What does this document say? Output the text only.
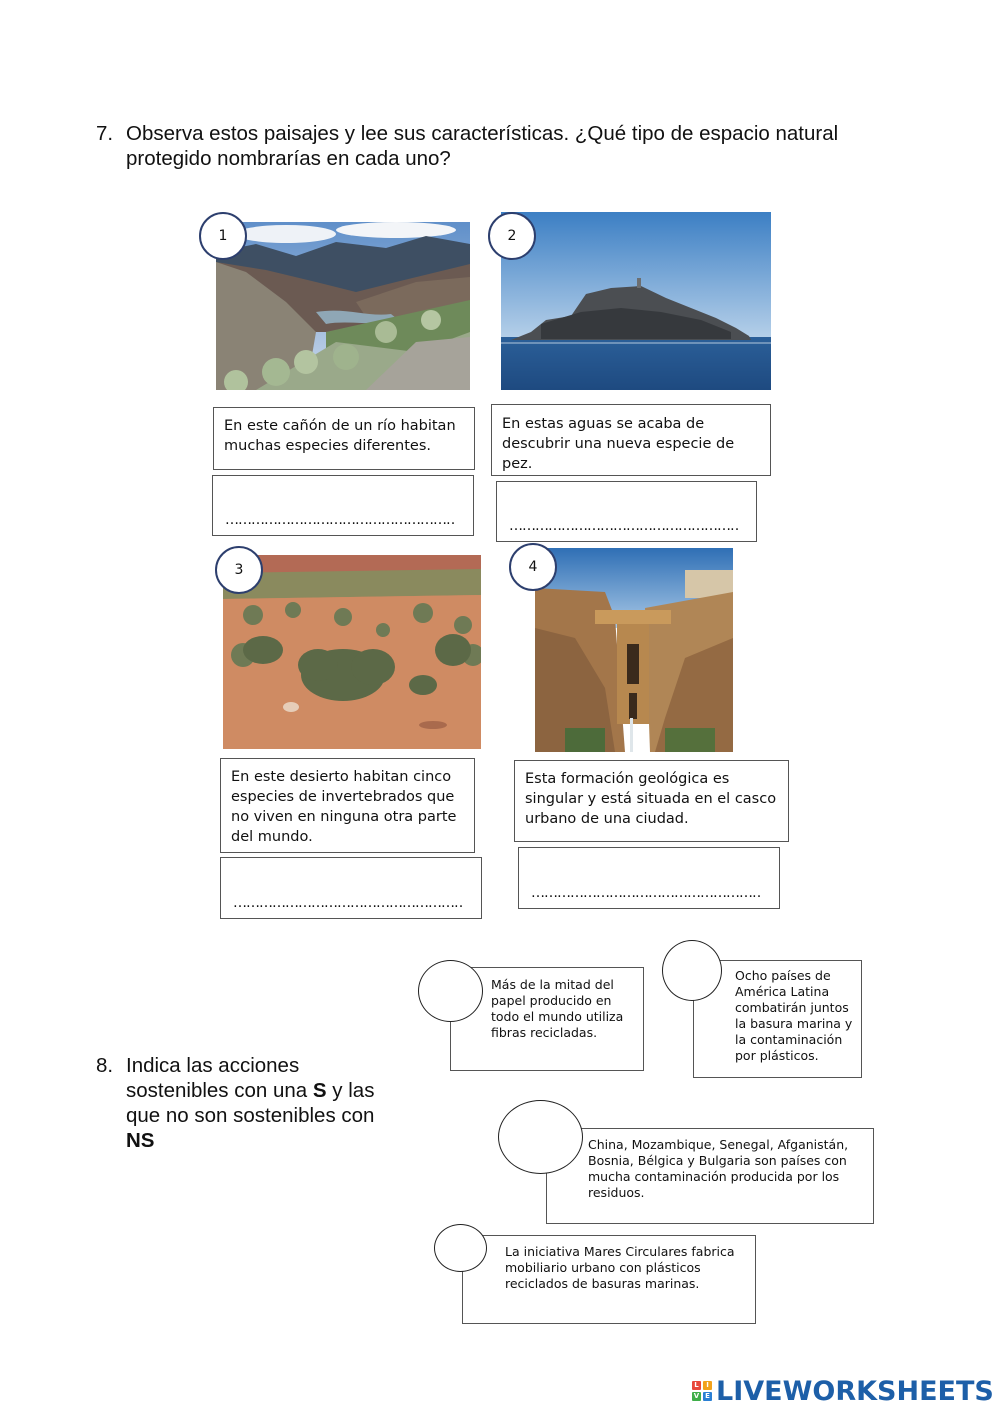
7. Observa estos paisajes y lee sus características. ¿Qué tipo de espacio natural
protegido nombrarías en cada uno?
1	2
En este cañón de un río habitan muchas especies diferentes.
En estas aguas se acaba de descubrir una nueva especie de pez.
………………………………………………
………………………………………………
3	4
En este desierto habitan cinco especies de invertebrados que no viven en ninguna otra parte del mundo.
Esta formación geológica es singular y está situada en el casco urbano de una ciudad.
………………………………………………
………………………………………………
8. Indica las acciones
sostenibles con una S y las
que no son sostenibles con
NS
Más de la mitad del papel producido en todo el mundo utiliza fibras recicladas.
Ocho países de América Latina combatirán juntos la basura marina y la contaminación por plásticos.
China, Mozambique, Senegal, Afganistán, Bosnia, Bélgica y Bulgaria son países con mucha contaminación producida por los residuos.
La iniciativa Mares Circulares fabrica mobiliario urbano con plásticos reciclados de basuras marinas.
L	I
V E LIVEWORKSHEETS
